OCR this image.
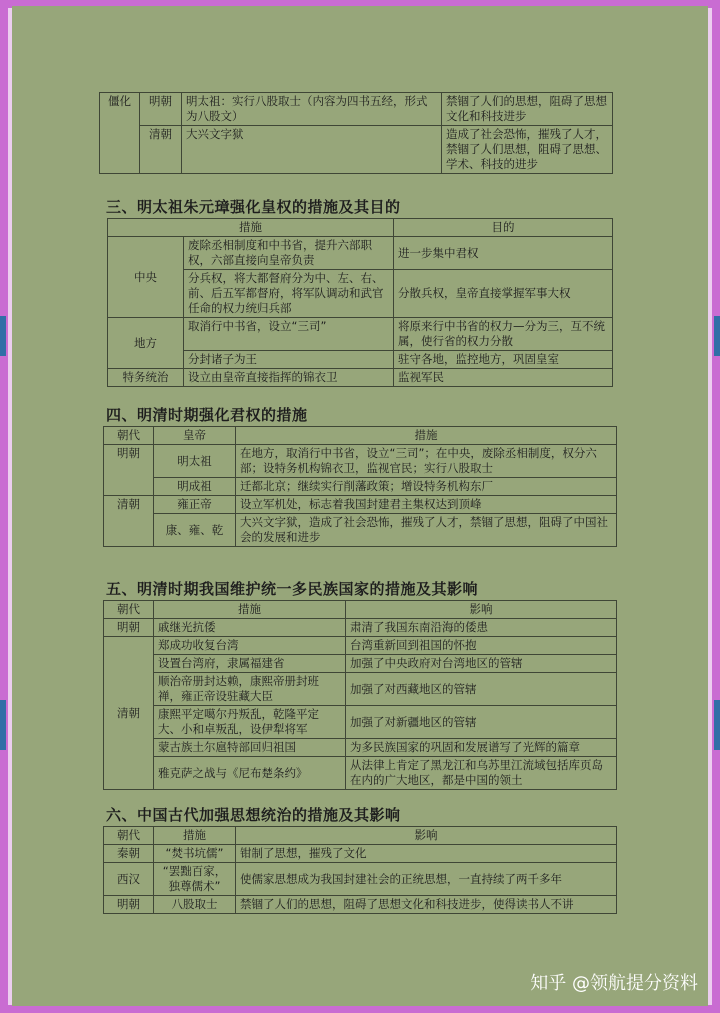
僵化	明朝	明太祖：实行八股取士（内容为四书五经，形式为八股文）	禁锢了人们的思想，阻碍了思想文化和科技进步
	清朝	大兴文字狱	造成了社会恐怖，摧残了人才，禁锢了人们思想，阻碍了思想、学术、科技的进步
三、明太祖朱元璋强化皇权的措施及其目的
措施		目的
中央	废除丞相制度和中书省，提升六部职权，六部直接向皇帝负责	进一步集中君权
	分兵权，将大都督府分为中、左、右、前、后五军都督府，将军队调动和武官任命的权力统归兵部	分散兵权，皇帝直接掌握军事大权
地方	取消行中书省，设立“三司”	将原来行中书省的权力—分为三，互不统属，使行省的权力分散
	分封诸子为王	驻守各地，监控地方，巩固皇室
特务统治	设立由皇帝直接指挥的锦衣卫	监视军民
四、明清时期强化君权的措施
朝代	皇帝	措施
明朝	明太祖	在地方，取消行中书省，设立“三司”；在中央，废除丞相制度，权分六部；设特务机构锦衣卫，监视官民；实行八股取士
	明成祖	迁都北京；继续实行削藩政策；增设特务机构东厂
清朝	雍正帝	设立军机处，标志着我国封建君主集权达到顶峰
	康、雍、乾	大兴文字狱，造成了社会恐怖，摧残了人才，禁锢了思想，阻碍了中国社会的发展和进步
五、明清时期我国维护统一多民族国家的措施及其影响
朝代	措施	影响
明朝	戚继光抗倭	肃清了我国东南沿海的倭患
清朝	郑成功收复台湾	台湾重新回到祖国的怀抱
	设置台湾府，隶属福建省	加强了中央政府对台湾地区的管辖
	顺治帝册封达赖，康熙帝册封班禅，雍正帝设驻藏大臣	加强了对西藏地区的管辖
	康熙平定噶尔丹叛乱，乾隆平定大、小和卓叛乱，设伊犁将军	加强了对新疆地区的管辖
	蒙古族土尔扈特部回归祖国	为多民族国家的巩固和发展谱写了光辉的篇章
	雅克萨之战与《尼布楚条约》	从法律上肯定了黑龙江和乌苏里江流域包括库页岛在内的广大地区，都是中国的领土
六、中国古代加强思想统治的措施及其影响
朝代	措施	影响
秦朝	“焚书坑儒”	钳制了思想，摧残了文化
西汉	“罢黜百家，独尊儒术”	使儒家思想成为我国封建社会的正统思想，一直持续了两千多年
明朝	八股取士	禁锢了人们的思想，阻碍了思想文化和科技进步，使得读书人不讲
知乎 @领航提分资料
